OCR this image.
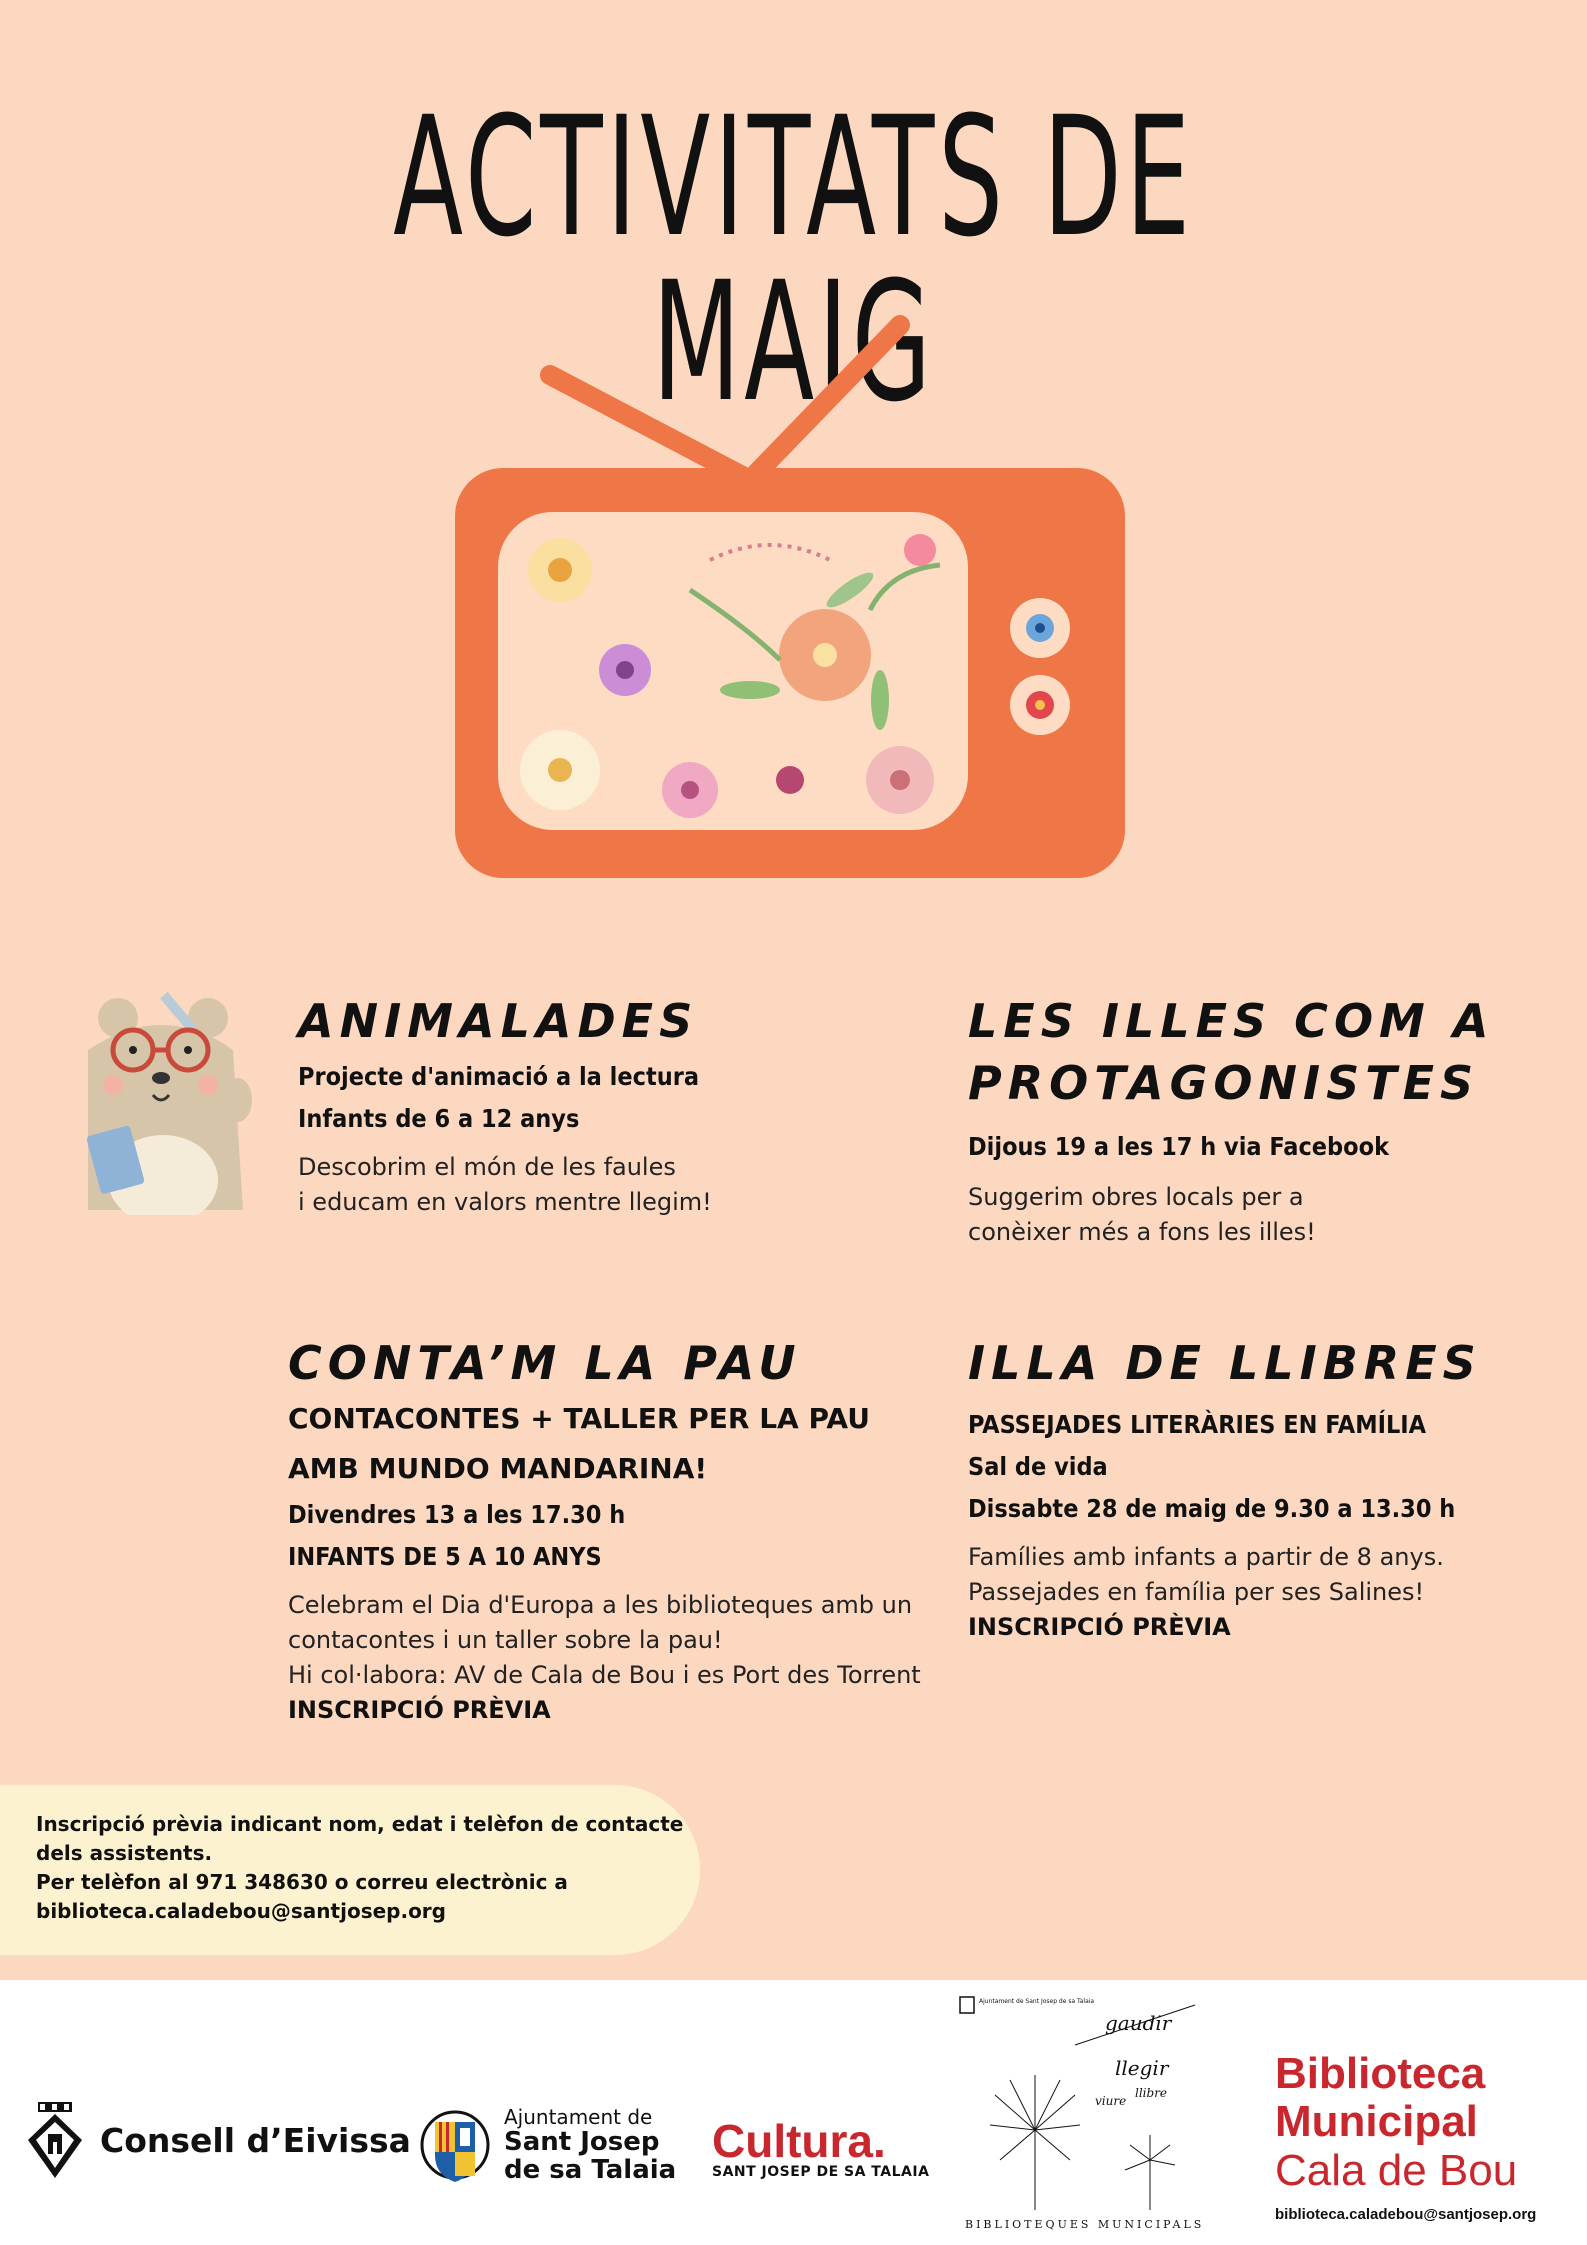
ACTIVITATS DE MAIG
ANIMALADES
Projecte d'animació a la lectura
Infants de 6 a 12 anys
Descobrim el món de les faules
i educam en valors mentre llegim!
LES ILLES COM A
PROTAGONISTES
Dijous 19 a les 17 h via Facebook
Suggerim obres locals per a
conèixer més a fons les illes!
CONTA’M LA PAU
CONTACONTES + TALLER PER LA PAU
AMB MUNDO MANDARINA!
Divendres 13 a les 17.30 h
INFANTS DE 5 A 10 ANYS
Celebram el Dia d'Europa a les biblioteques amb un
contacontes i un taller sobre la pau!
Hi col·labora: AV de Cala de Bou i es Port des Torrent
INSCRIPCIÓ PRÈVIA
ILLA DE LLIBRES
PASSEJADES LITERÀRIES EN FAMÍLIA
Sal de vida
Dissabte 28 de maig de 9.30 a 13.30 h
Famílies amb infants a partir de 8 anys.
Passejades en família per ses Salines!
INSCRIPCIÓ PRÈVIA
Inscripció prèvia indicant nom, edat i telèfon de contacte
dels assistents.
Per telèfon al 971 348630 o correu electrònic a
biblioteca.caladebou@santjosep.org
Consell d’Eivissa
Ajuntament de
Sant Josep
de sa Talaia
Cultura.
SANT JOSEP DE SA TALAIA
Ajuntament de Sant Josep de sa Talaia
gaudir
llegir
viure
llibre
BIBLIOTEQUES MUNICIPALS
Biblioteca
Municipal
Cala de Bou
biblioteca.caladebou@santjosep.org
